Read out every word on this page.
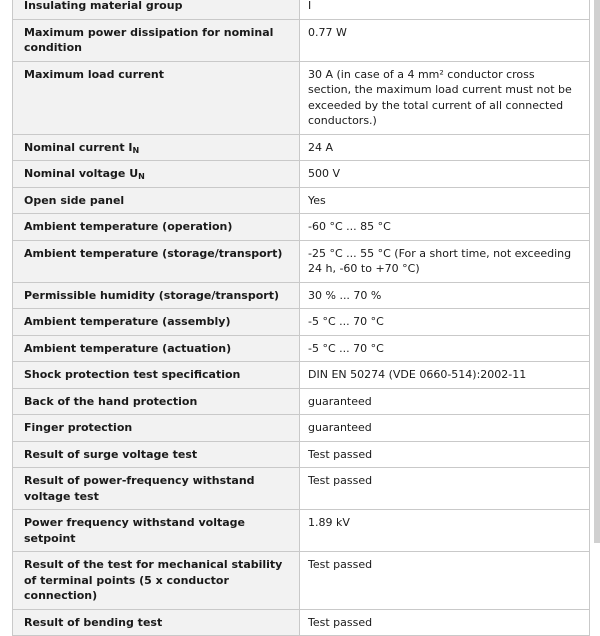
Insulating material group	I
Maximum power dissipation for nominal condition	0.77 W
Maximum load current	30 A (in case of a 4 mm² conductor cross section, the maximum load current must not be exceeded by the total current of all connected conductors.)
Nominal current $I_N$	24 A
Nominal voltage $U_N$	500 V
Open side panel	Yes
Ambient temperature (operation)	-60 °C ... 85 °C
Ambient temperature (storage/transport)	-25 °C ... 55 °C (For a short time, not exceeding 24 h, -60 to +70 °C)
Permissible humidity (storage/transport)	30 % ... 70 %
Ambient temperature (assembly)	-5 °C ... 70 °C
Ambient temperature (actuation)	-5 °C ... 70 °C
Shock protection test specification	DIN EN 50274 (VDE 0660-514):2002-11
Back of the hand protection	guaranteed
Finger protection	guaranteed
Result of surge voltage test	Test passed
Result of power-frequency withstand voltage test	Test passed
Power frequency withstand voltage setpoint	1.89 kV
Result of the test for mechanical stability of terminal points (5 x conductor connection)	Test passed
Result of bending test	Test passed
